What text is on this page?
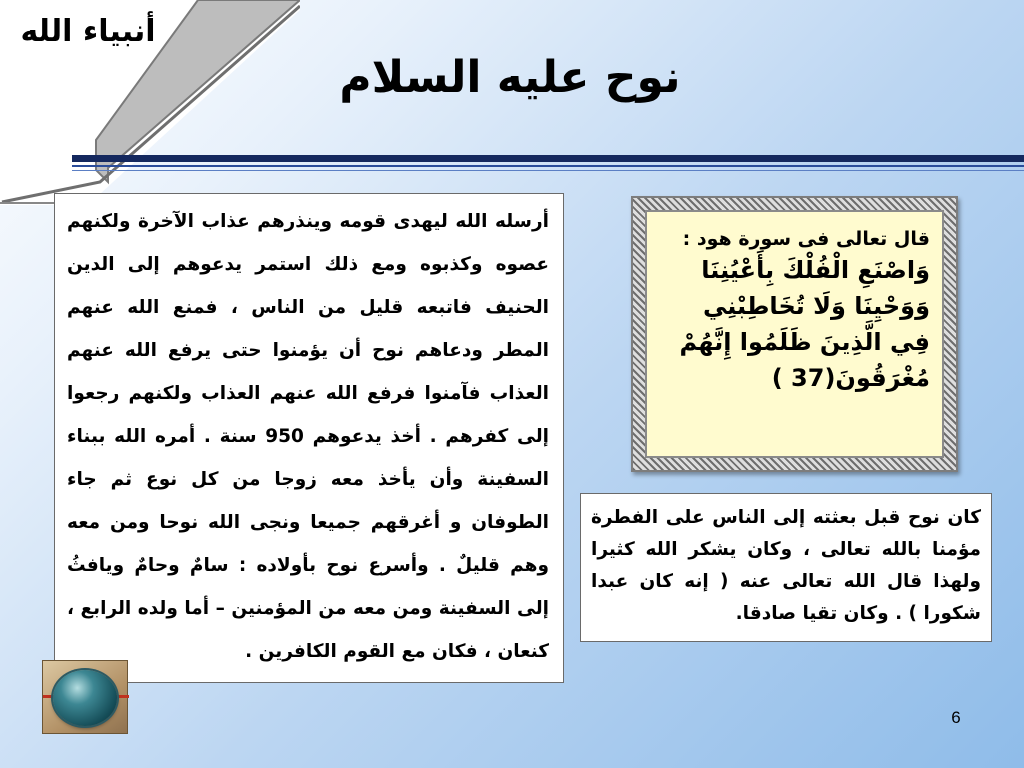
أنبياء الله
نوح عليه السلام
أرسله الله ليهدى قومه وينذرهم عذاب الآخرة ولكنهم عصوه وكذبوه ومع ذلك استمر يدعوهم إلى الدين الحنيف فاتبعه قليل من الناس ، فمنع الله عنهم المطر ودعاهم نوح أن يؤمنوا حتى يرفع الله عنهم العذاب فآمنوا فرفع الله عنهم العذاب ولكنهم رجعوا إلى كفرهم . أخذ يدعوهم 950 سنة . أمره الله ببناء السفينة وأن يأخذ معه زوجا من كل نوع ثم جاء الطوفان و أغرقهم جميعا ونجى الله نوحا ومن معه وهم قليلٌ . وأسرع نوح بأولاده : سامٌ وحامٌ ويافثُ إلى السفينة ومن معه من المؤمنين – أما ولده الرابع ، كنعان ، فكان مع القوم الكافرين .
قال تعالى فى سورة هود :
وَاصْنَعِ الْفُلْكَ بِأَعْيُنِنَا وَوَحْيِنَا وَلَا تُخَاطِبْنِي فِي الَّذِينَ ظَلَمُوا إِنَّهُمْ مُغْرَقُونَ(37 )
كان نوح قبل بعثته إلى الناس على الفطرة مؤمنا بالله تعالى ، وكان يشكر الله كثيرا ولهذا قال الله تعالى عنه ( إنه كان عبدا شكورا ) . وكان تقيا صادقا.
6
